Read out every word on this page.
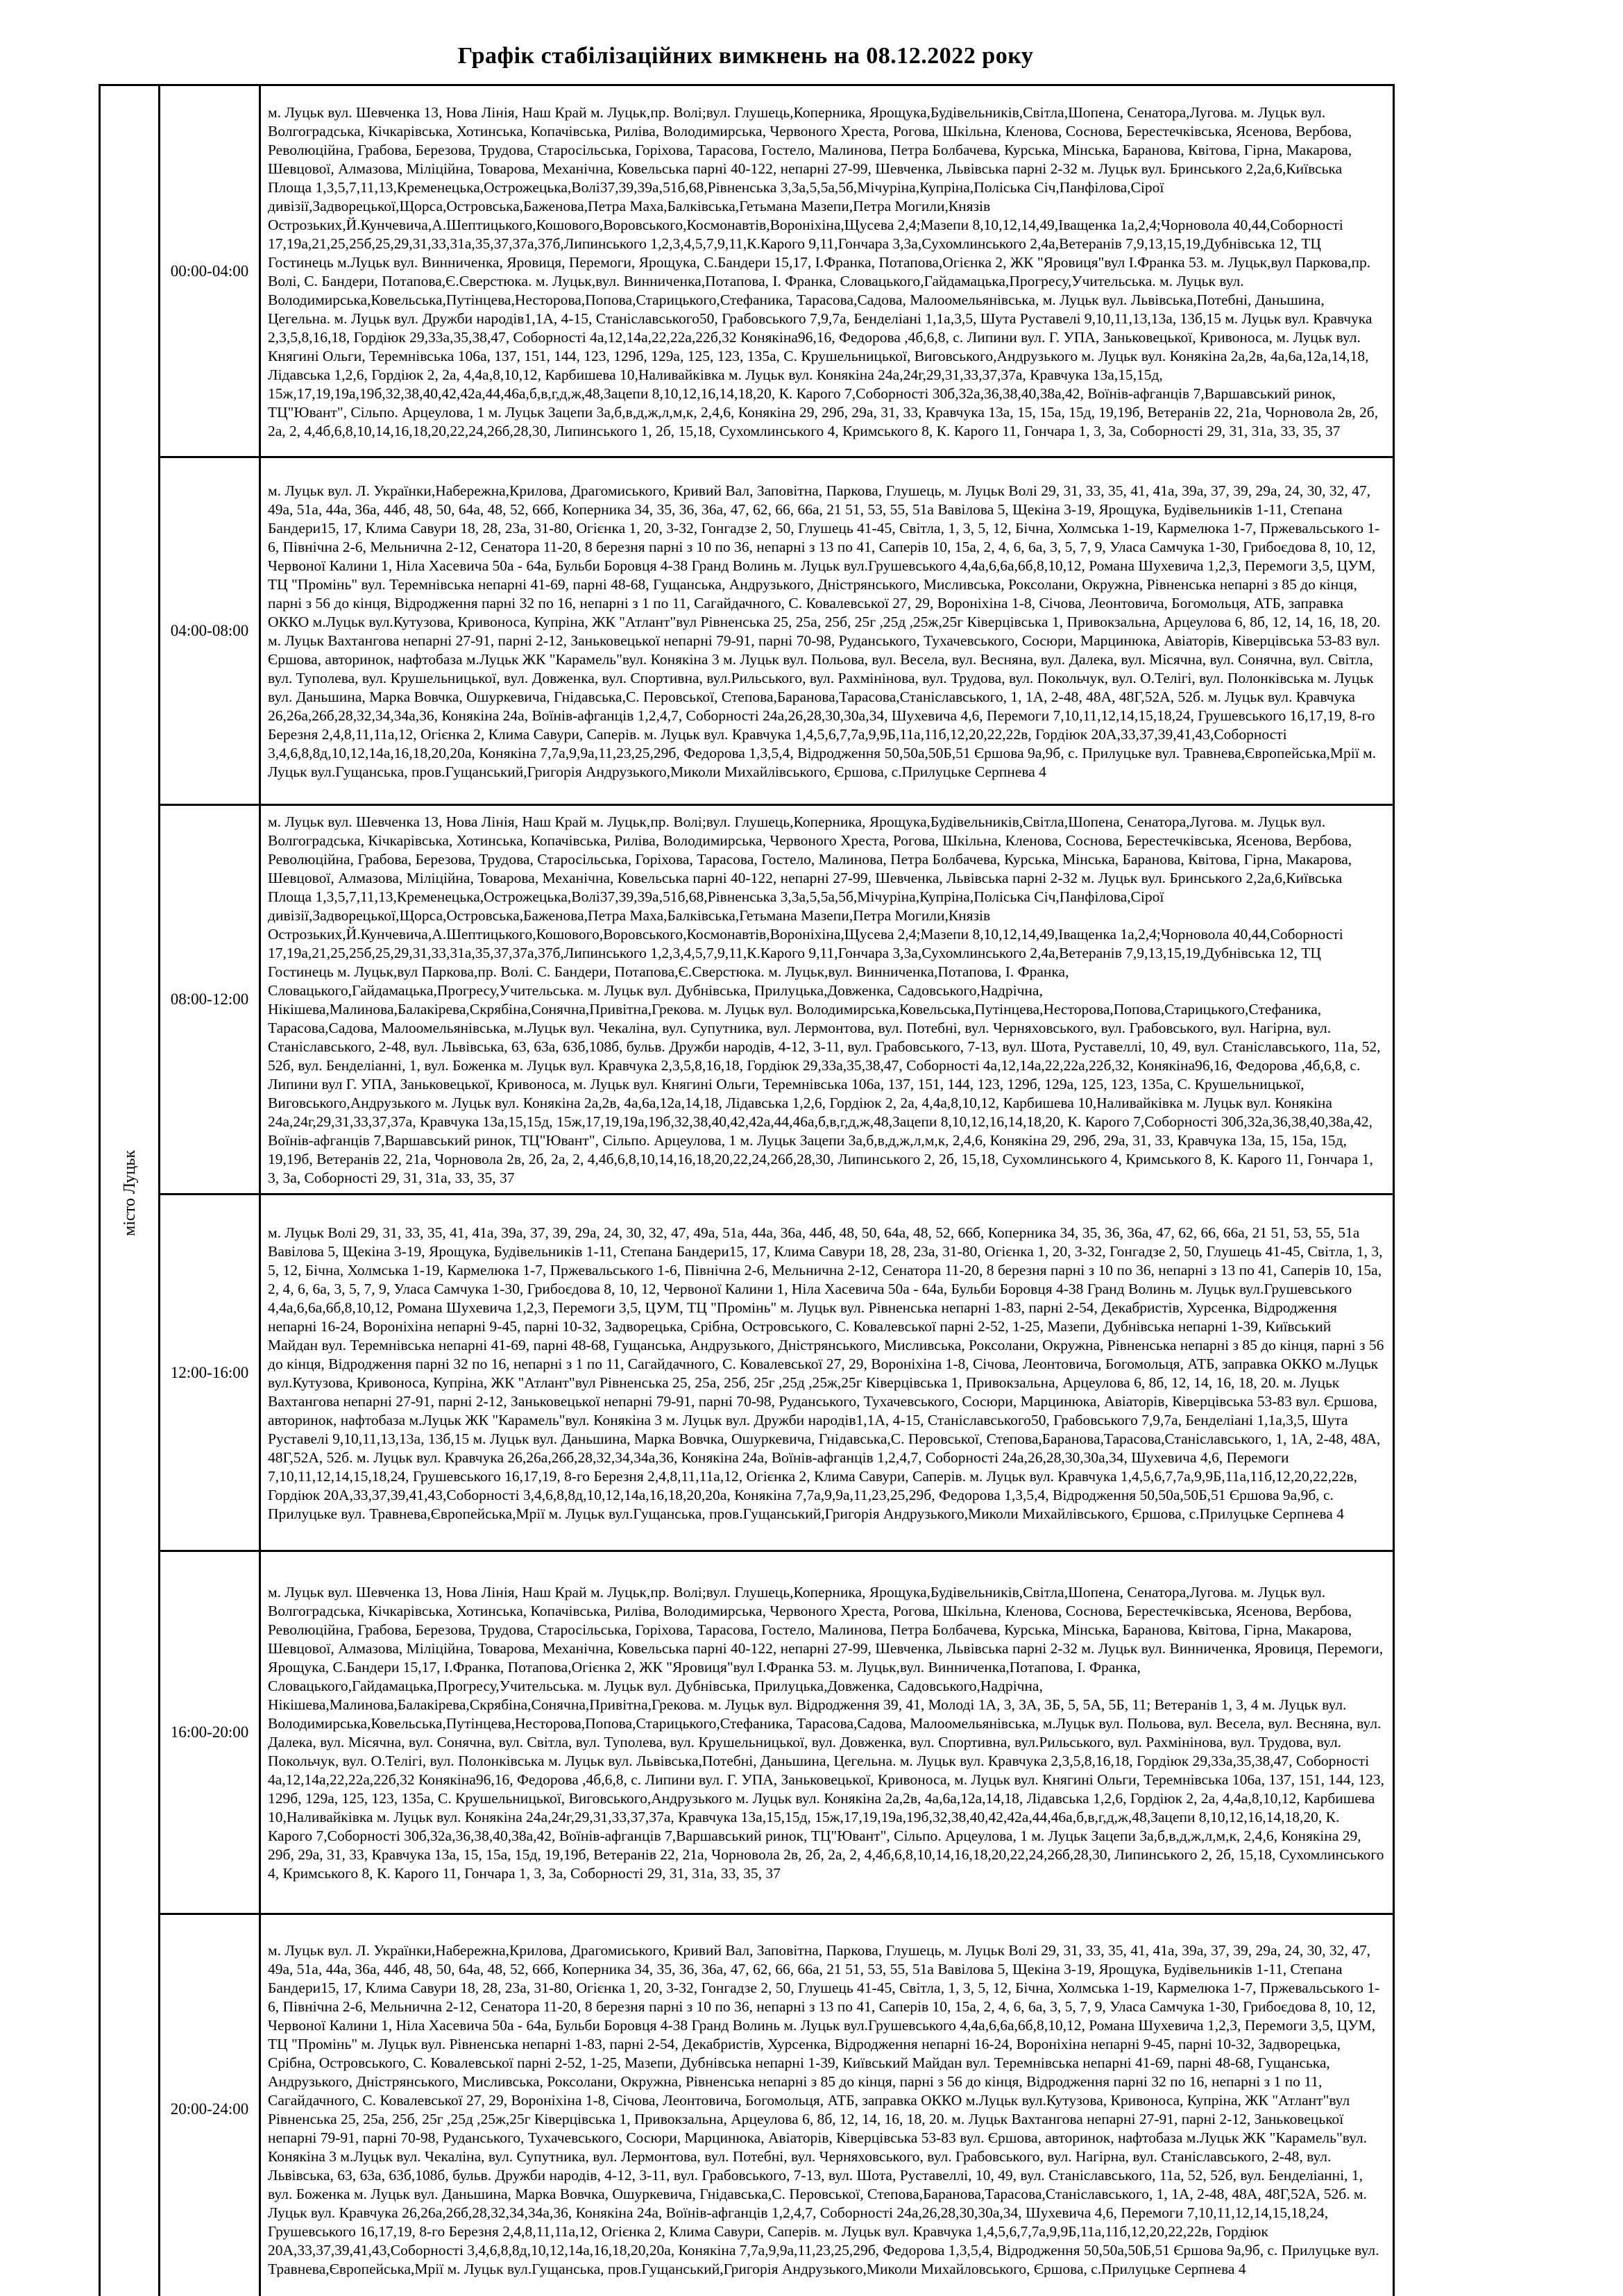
Графік стабілізаційних вимкнень на 08.12.2022 року
місто Луцьк	00:00-04:00	м. Луцьк вул. Шевченка 13, Нова Лінія, Наш Край м. Луцьк,пр. Волі;вул. Глушець,Коперника, Ярощука,Будівельників,Світла,Шопена, Сенатора,Лугова. м. Луцьк вул. Волгоградська, Кічкарівська, Хотинська, Копачівська, Риліва, Володимирська, Червоного Хреста, Рогова, Шкільна, Кленова, Соснова, Берестечківська, Ясенова, Вербова, Революційна, Грабова, Березова, Трудова, Старосільська, Горіхова, Тарасова, Гостело, Малинова, Петра Болбачева, Курська, Мінська, Баранова, Квітова, Гірна, Макарова, Шевцової, Алмазова, Міліційна, Товарова, Механічна, Ковельська парні 40-122, непарні 27-99, Шевченка, Львівська парні 2-32 м. Луцьк вул. Бринського 2,2а,6,Київська Площа 1,3,5,7,11,13,Кременецька,Острожецька,Волі37,39,39а,51б,68,Рівненська 3,3а,5,5а,5б,Мічуріна,Купріна,Поліська Січ,Панфілова,Сірої дивізії,Задворецької,Щорса,Островська,Баженова,Петра Маха,Балківська,Гетьмана Мазепи,Петра Могили,Князів Острозьких,Й.Кунчевича,А.Шептицького,Кошового,Воровського,Космонавтів,Вороніхіна,Щусева 2,4;Мазепи 8,10,12,14,49,Іващенка 1а,2,4;Чорновола 40,44,Соборності 17,19а,21,25,25б,25,29,31,33,31а,35,37,37а,37б,Липинського 1,2,3,4,5,7,9,11,К.Карого 9,11,Гончара 3,3а,Сухомлинського 2,4а,Ветеранів 7,9,13,15,19,Дубнівська 12, ТЦ Гостинець м.Луцьк вул. Винниченка, Яровиця, Перемоги, Ярощука, С.Бандери 15,17, І.Франка, Потапова,Огієнка 2, ЖК "Яровиця"вул І.Франка 53. м. Луцьк,вул Паркова,пр. Волі, С. Бандери, Потапова,Є.Сверстюка. м. Луцьк,вул. Винниченка,Потапова, І. Франка, Словацького,Гайдамацька,Прогресу,Учительська. м. Луцьк вул. Володимирська,Ковельська,Путінцева,Несторова,Попова,Старицького,Стефаника, Тарасова,Садова, Малоомельянівська, м. Луцьк вул. Львівська,Потебні, Даньшина, Цегельна. м. Луцьк вул. Дружби народів1,1А, 4-15, Станіславського50, Грабовського 7,9,7а, Бенделіані 1,1а,3,5, Шута Руставелі 9,10,11,13,13а, 13б,15 м. Луцьк вул. Кравчука 2,3,5,8,16,18, Гордіюк 29,33а,35,38,47, Соборності 4а,12,14а,22,22а,22б,32 Конякіна96,16, Федорова ,4б,6,8, с. Липини вул. Г. УПА, Заньковецької, Кривоноса, м. Луцьк вул. Княгині Ольги, Теремнівська 106а, 137, 151, 144, 123, 129б, 129а, 125, 123, 135а, С. Крушельницької, Виговського,Андрузького м. Луцьк вул. Конякіна 2а,2в, 4а,6а,12а,14,18, Лідавська 1,2,6, Гордіюк 2, 2а, 4,4а,8,10,12, Карбишева 10,Наливайківка м. Луцьк вул. Конякіна 24а,24г,29,31,33,37,37а, Кравчука 13а,15,15д, 15ж,17,19,19а,19б,32,38,40,42,42а,44,46а,б,в,г,д,ж,48,Зацепи 8,10,12,16,14,18,20, К. Карого 7,Соборності 30б,32а,36,38,40,38а,42, Воїнів-афганців 7,Варшавський ринок, ТЦ"Ювант", Сільпо. Арцеулова, 1 м. Луцьк Зацепи 3а,б,в,д,ж,л,м,к, 2,4,6, Конякіна 29, 29б, 29а, 31, 33, Кравчука 13а, 15, 15а, 15д, 19,19б, Ветеранів 22, 21а, Чорновола 2в, 2б, 2а, 2, 4,4б,6,8,10,14,16,18,20,22,24,26б,28,30, Липинського 1, 2б, 15,18, Сухомлинського 4, Кримського 8, К. Карого 11, Гончара 1, 3, 3а, Соборності 29, 31, 31а, 33, 35, 37
	04:00-08:00	м. Луцьк вул. Л. Українки,Набережна,Крилова, Драгомиського, Кривий Вал, Заповітна, Паркова, Глушець, м. Луцьк Волі 29, 31, 33, 35, 41, 41а, 39а, 37, 39, 29а, 24, 30, 32, 47, 49а, 51а, 44а, 36а, 44б, 48, 50, 64а, 48, 52, 66б, Коперника 34, 35, 36, 36а, 47, 62, 66, 66а, 21 51, 53, 55, 51а Вавілова 5, Щекіна 3-19, Ярощука, Будівельників 1-11, Степана Бандери15, 17, Клима Савури 18, 28, 23а, 31-80, Огієнка 1, 20, 3-32, Гонгадзе 2, 50, Глушець 41-45, Світла, 1, 3, 5, 12, Бічна, Холмська 1-19, Кармелюка 1-7, Пржевальського 1-6, Північна 2-6, Мельнична 2-12, Сенатора 11-20, 8 березня парні з 10 по 36, непарні з 13 по 41, Саперів 10, 15а, 2, 4, 6, 6а, 3, 5, 7, 9, Уласа Самчука 1-30, Грибоєдова 8, 10, 12, Червоної Калини 1, Ніла Хасевича 50а - 64а, Бульби Боровця 4-38 Гранд Волинь м. Луцьк вул.Грушевського 4,4а,6,6а,6б,8,10,12, Романа Шухевича 1,2,3, Перемоги 3,5, ЦУМ, ТЦ "Промінь" вул. Теремнівська непарні 41-69, парні 48-68, Гущанська, Андрузького, Дністрянського, Мисливська, Роксолани, Окружна, Рівненська непарні з 85 до кінця, парні з 56 до кінця, Відродження парні 32 по 16, непарні з 1 по 11, Сагайдачного, С. Ковалевської 27, 29, Вороніхіна 1-8, Січова, Леонтовича, Богомольця, АТБ, заправка ОККО м.Луцьк вул.Кутузова, Кривоноса, Купріна, ЖК "Атлант"вул Рівненська 25, 25а, 25б, 25г ,25д ,25ж,25г Ківерцівська 1, Привокзальна, Арцеулова 6, 8б, 12, 14, 16, 18, 20. м. Луцьк Вахтангова непарні 27-91, парні 2-12, Заньковецької непарні 79-91, парні 70-98, Руданського, Тухачевського, Сосюри, Марцинюка, Авіаторів, Ківерцівська 53-83 вул. Єршова, авторинок, нафтобаза м.Луцьк ЖК "Карамель"вул. Конякіна 3 м. Луцьк вул. Польова, вул. Весела, вул. Весняна, вул. Далека, вул. Місячна, вул. Сонячна, вул. Світла, вул. Туполева, вул. Крушельницької, вул. Довженка, вул. Спортивна, вул.Рильського, вул. Рахмінінова, вул. Трудова, вул. Покольчук, вул. О.Телігі, вул. Полонківська м. Луцьк вул. Даньшина, Марка Вовчка, Ошуркевича, Гнідавська,С. Перовської, Степова,Баранова,Тарасова,Станіславського, 1, 1А, 2-48, 48А, 48Г,52А, 52б. м. Луцьк вул. Кравчука 26,26а,26б,28,32,34,34а,36, Конякіна 24а, Воїнів-афганців 1,2,4,7, Соборності 24а,26,28,30,30а,34, Шухевича 4,6, Перемоги 7,10,11,12,14,15,18,24, Грушевського 16,17,19, 8-го Березня 2,4,8,11,11а,12, Огієнка 2, Клима Савури, Саперів. м. Луцьк вул. Кравчука 1,4,5,6,7,7а,9,9Б,11а,11б,12,20,22,22в, Гордіюк 20А,33,37,39,41,43,Соборності 3,4,6,8,8д,10,12,14а,16,18,20,20а, Конякіна 7,7а,9,9а,11,23,25,29б, Федорова 1,3,5,4, Відродження 50,50а,50Б,51 Єршова 9а,9б, с. Прилуцьке вул. Травнева,Європейська,Мрії м. Луцьк вул.Гущанська, пров.Гущанський,Григорія Андрузького,Миколи Михайлівського, Єршова, с.Прилуцьке Серпнева 4
	08:00-12:00	м. Луцьк вул. Шевченка 13, Нова Лінія, Наш Край м. Луцьк,пр. Волі;вул. Глушець,Коперника, Ярощука,Будівельників,Світла,Шопена, Сенатора,Лугова. м. Луцьк вул. Волгоградська, Кічкарівська, Хотинська, Копачівська, Риліва, Володимирська, Червоного Хреста, Рогова, Шкільна, Кленова, Соснова, Берестечківська, Ясенова, Вербова, Революційна, Грабова, Березова, Трудова, Старосільська, Горіхова, Тарасова, Гостело, Малинова, Петра Болбачева, Курська, Мінська, Баранова, Квітова, Гірна, Макарова, Шевцової, Алмазова, Міліційна, Товарова, Механічна, Ковельська парні 40-122, непарні 27-99, Шевченка, Львівська парні 2-32 м. Луцьк вул. Бринського 2,2а,6,Київська Площа 1,3,5,7,11,13,Кременецька,Острожецька,Волі37,39,39а,51б,68,Рівненська 3,3а,5,5а,5б,Мічуріна,Купріна,Поліська Січ,Панфілова,Сірої дивізії,Задворецької,Щорса,Островська,Баженова,Петра Маха,Балківська,Гетьмана Мазепи,Петра Могили,Князів Острозьких,Й.Кунчевича,А.Шептицького,Кошового,Воровського,Космонавтів,Вороніхіна,Щусева 2,4;Мазепи 8,10,12,14,49,Іващенка 1а,2,4;Чорновола 40,44,Соборності 17,19а,21,25,25б,25,29,31,33,31а,35,37,37а,37б,Липинського 1,2,3,4,5,7,9,11,К.Карого 9,11,Гончара 3,3а,Сухомлинського 2,4а,Ветеранів 7,9,13,15,19,Дубнівська 12, ТЦ Гостинець м. Луцьк,вул Паркова,пр. Волі. С. Бандери, Потапова,Є.Сверстюка. м. Луцьк,вул. Винниченка,Потапова, І. Франка, Словацького,Гайдамацька,Прогресу,Учительська. м. Луцьк вул. Дубнівська, Прилуцька,Довженка, Садовського,Надрічна, Нікішева,Малинова,Балакірева,Скрябіна,Сонячна,Привітна,Грекова. м. Луцьк вул. Володимирська,Ковельська,Путінцева,Несторова,Попова,Старицького,Стефаника, Тарасова,Садова, Малоомельянівська, м.Луцьк вул. Чекаліна, вул. Супутника, вул. Лермонтова, вул. Потебні, вул. Черняховського, вул. Грабовського, вул. Нагірна, вул. Станіславського, 2-48, вул. Львівська, 63, 63а, 63б,108б, бульв. Дружби народів, 4-12, 3-11, вул. Грабовського, 7-13, вул. Шота, Руставеллі, 10, 49, вул. Станіславського, 11а, 52, 52б, вул. Бенделіанні, 1, вул. Боженка м. Луцьк вул. Кравчука 2,3,5,8,16,18, Гордіюк 29,33а,35,38,47, Соборності 4а,12,14а,22,22а,22б,32, Конякіна96,16, Федорова ,4б,6,8, с. Липини вул Г. УПА, Заньковецької, Кривоноса, м. Луцьк вул. Княгині Ольги, Теремнівська 106а, 137, 151, 144, 123, 129б, 129а, 125, 123, 135а, С. Крушельницької, Виговського,Андрузького м. Луцьк вул. Конякіна 2а,2в, 4а,6а,12а,14,18, Лідавська 1,2,6, Гордіюк 2, 2а, 4,4а,8,10,12, Карбишева 10,Наливайківка м. Луцьк вул. Конякіна 24а,24г,29,31,33,37,37а, Кравчука 13а,15,15д, 15ж,17,19,19а,19б,32,38,40,42,42а,44,46а,б,в,г,д,ж,48,Зацепи 8,10,12,16,14,18,20, К. Карого 7,Соборності 30б,32а,36,38,40,38а,42, Воїнів-афганців 7,Варшавський ринок, ТЦ"Ювант", Сільпо. Арцеулова, 1 м. Луцьк Зацепи 3а,б,в,д,ж,л,м,к, 2,4,6, Конякіна 29, 29б, 29а, 31, 33, Кравчука 13а, 15, 15а, 15д, 19,19б, Ветеранів 22, 21а, Чорновола 2в, 2б, 2а, 2, 4,4б,6,8,10,14,16,18,20,22,24,26б,28,30, Липинського 2, 2б, 15,18, Сухомлинського 4, Кримського 8, К. Карого 11, Гончара 1, 3, 3а, Соборності 29, 31, 31а, 33, 35, 37
	12:00-16:00	м. Луцьк Волі 29, 31, 33, 35, 41, 41а, 39а, 37, 39, 29а, 24, 30, 32, 47, 49а, 51а, 44а, 36а, 44б, 48, 50, 64а, 48, 52, 66б, Коперника 34, 35, 36, 36а, 47, 62, 66, 66а, 21 51, 53, 55, 51а Вавілова 5, Щекіна 3-19, Ярощука, Будівельників 1-11, Степана Бандери15, 17, Клима Савури 18, 28, 23а, 31-80, Огієнка 1, 20, 3-32, Гонгадзе 2, 50, Глушець 41-45, Світла, 1, 3, 5, 12, Бічна, Холмська 1-19, Кармелюка 1-7, Пржевальського 1-6, Північна 2-6, Мельнична 2-12, Сенатора 11-20, 8 березня парні з 10 по 36, непарні з 13 по 41, Саперів 10, 15а, 2, 4, 6, 6а, 3, 5, 7, 9, Уласа Самчука 1-30, Грибоєдова 8, 10, 12, Червоної Калини 1, Ніла Хасевича 50а - 64а, Бульби Боровця 4-38 Гранд Волинь м. Луцьк вул.Грушевського 4,4а,6,6а,6б,8,10,12, Романа Шухевича 1,2,3, Перемоги 3,5, ЦУМ, ТЦ "Промінь" м. Луцьк вул. Рівненська непарні 1-83, парні 2-54, Декабристів, Хурсенка, Відродження непарні 16-24, Вороніхіна непарні 9-45, парні 10-32, Задворецька, Срібна, Островського, С. Ковалевської парні 2-52, 1-25, Мазепи, Дубнівська непарні 1-39, Київський Майдан вул. Теремнівська непарні 41-69, парні 48-68, Гущанська, Андрузького, Дністрянського, Мисливська, Роксолани, Окружна, Рівненська непарні з 85 до кінця, парні з 56 до кінця, Відродження парні 32 по 16, непарні з 1 по 11, Сагайдачного, С. Ковалевської 27, 29, Вороніхіна 1-8, Січова, Леонтовича, Богомольця, АТБ, заправка ОККО м.Луцьк вул.Кутузова, Кривоноса, Купріна, ЖК "Атлант"вул Рівненська 25, 25а, 25б, 25г ,25д ,25ж,25г Ківерцівська 1, Привокзальна, Арцеулова 6, 8б, 12, 14, 16, 18, 20. м. Луцьк Вахтангова непарні 27-91, парні 2-12, Заньковецької непарні 79-91, парні 70-98, Руданського, Тухачевського, Сосюри, Марцинюка, Авіаторів, Ківерцівська 53-83 вул. Єршова, авторинок, нафтобаза м.Луцьк ЖК "Карамель"вул. Конякіна 3 м. Луцьк вул. Дружби народів1,1А, 4-15, Станіславського50, Грабовського 7,9,7а, Бенделіані 1,1а,3,5, Шута Руставелі 9,10,11,13,13а, 13б,15 м. Луцьк вул. Даньшина, Марка Вовчка, Ошуркевича, Гнідавська,С. Перовської, Степова,Баранова,Тарасова,Станіславського, 1, 1А, 2-48, 48А, 48Г,52А, 52б. м. Луцьк вул. Кравчука 26,26а,26б,28,32,34,34а,36, Конякіна 24а, Воїнів-афганців 1,2,4,7, Соборності 24а,26,28,30,30а,34, Шухевича 4,6, Перемоги 7,10,11,12,14,15,18,24, Грушевського 16,17,19, 8-го Березня 2,4,8,11,11а,12, Огієнка 2, Клима Савури, Саперів. м. Луцьк вул. Кравчука 1,4,5,6,7,7а,9,9Б,11а,11б,12,20,22,22в, Гордіюк 20А,33,37,39,41,43,Соборності 3,4,6,8,8д,10,12,14а,16,18,20,20а, Конякіна 7,7а,9,9а,11,23,25,29б, Федорова 1,3,5,4, Відродження 50,50а,50Б,51 Єршова 9а,9б, с. Прилуцьке вул. Травнева,Європейська,Мрії м. Луцьк вул.Гущанська, пров.Гущанський,Григорія Андрузького,Миколи Михайлівського, Єршова, с.Прилуцьке Серпнева 4
	16:00-20:00	м. Луцьк вул. Шевченка 13, Нова Лінія, Наш Край м. Луцьк,пр. Волі;вул. Глушець,Коперника, Ярощука,Будівельників,Світла,Шопена, Сенатора,Лугова. м. Луцьк вул. Волгоградська, Кічкарівська, Хотинська, Копачівська, Риліва, Володимирська, Червоного Хреста, Рогова, Шкільна, Кленова, Соснова, Берестечківська, Ясенова, Вербова, Революційна, Грабова, Березова, Трудова, Старосільська, Горіхова, Тарасова, Гостело, Малинова, Петра Болбачева, Курська, Мінська, Баранова, Квітова, Гірна, Макарова, Шевцової, Алмазова, Міліційна, Товарова, Механічна, Ковельська парні 40-122, непарні 27-99, Шевченка, Львівська парні 2-32 м. Луцьк вул. Винниченка, Яровиця, Перемоги, Ярощука, С.Бандери 15,17, І.Франка, Потапова,Огієнка 2, ЖК "Яровиця"вул І.Франка 53. м. Луцьк,вул. Винниченка,Потапова, І. Франка, Словацького,Гайдамацька,Прогресу,Учительська. м. Луцьк вул. Дубнівська, Прилуцька,Довженка, Садовського,Надрічна, Нікішева,Малинова,Балакірева,Скрябіна,Сонячна,Привітна,Грекова. м. Луцьк вул. Відродження 39, 41, Молоді 1А, 3, 3А, 3Б, 5, 5А, 5Б, 11; Ветеранів 1, 3, 4 м. Луцьк вул. Володимирська,Ковельська,Путінцева,Несторова,Попова,Старицького,Стефаника, Тарасова,Садова, Малоомельянівська, м.Луцьк вул. Польова, вул. Весела, вул. Весняна, вул. Далека, вул. Місячна, вул. Сонячна, вул. Світла, вул. Туполева, вул. Крушельницької, вул. Довженка, вул. Спортивна, вул.Рильського, вул. Рахмінінова, вул. Трудова, вул. Покольчук, вул. О.Телігі, вул. Полонківська м. Луцьк вул. Львівська,Потебні, Даньшина, Цегельна. м. Луцьк вул. Кравчука 2,3,5,8,16,18, Гордіюк 29,33а,35,38,47, Соборності 4а,12,14а,22,22а,22б,32 Конякіна96,16, Федорова ,4б,6,8, с. Липини вул. Г. УПА, Заньковецької, Кривоноса, м. Луцьк вул. Княгині Ольги, Теремнівська 106а, 137, 151, 144, 123, 129б, 129а, 125, 123, 135а, С. Крушельницької, Виговського,Андрузького м. Луцьк вул. Конякіна 2а,2в, 4а,6а,12а,14,18, Лідавська 1,2,6, Гордіюк 2, 2а, 4,4а,8,10,12, Карбишева 10,Наливайківка м. Луцьк вул. Конякіна 24а,24г,29,31,33,37,37а, Кравчука 13а,15,15д, 15ж,17,19,19а,19б,32,38,40,42,42а,44,46а,б,в,г,д,ж,48,Зацепи 8,10,12,16,14,18,20, К. Карого 7,Соборності 30б,32а,36,38,40,38а,42, Воїнів-афганців 7,Варшавський ринок, ТЦ"Ювант", Сільпо. Арцеулова, 1 м. Луцьк Зацепи 3а,б,в,д,ж,л,м,к, 2,4,6, Конякіна 29, 29б, 29а, 31, 33, Кравчука 13а, 15, 15а, 15д, 19,19б, Ветеранів 22, 21а, Чорновола 2в, 2б, 2а, 2, 4,4б,6,8,10,14,16,18,20,22,24,26б,28,30, Липинського 2, 2б, 15,18, Сухомлинського 4, Кримського 8, К. Карого 11, Гончара 1, 3, 3а, Соборності 29, 31, 31а, 33, 35, 37
	20:00-24:00	м. Луцьк вул. Л. Українки,Набережна,Крилова, Драгомиського, Кривий Вал, Заповітна, Паркова, Глушець, м. Луцьк Волі 29, 31, 33, 35, 41, 41а, 39а, 37, 39, 29а, 24, 30, 32, 47, 49а, 51а, 44а, 36а, 44б, 48, 50, 64а, 48, 52, 66б, Коперника 34, 35, 36, 36а, 47, 62, 66, 66а, 21 51, 53, 55, 51а Вавілова 5, Щекіна 3-19, Ярощука, Будівельників 1-11, Степана Бандери15, 17, Клима Савури 18, 28, 23а, 31-80, Огієнка 1, 20, 3-32, Гонгадзе 2, 50, Глушець 41-45, Світла, 1, 3, 5, 12, Бічна, Холмська 1-19, Кармелюка 1-7, Пржевальського 1-6, Північна 2-6, Мельнична 2-12, Сенатора 11-20, 8 березня парні з 10 по 36, непарні з 13 по 41, Саперів 10, 15а, 2, 4, 6, 6а, 3, 5, 7, 9, Уласа Самчука 1-30, Грибоєдова 8, 10, 12, Червоної Калини 1, Ніла Хасевича 50а - 64а, Бульби Боровця 4-38 Гранд Волинь м. Луцьк вул.Грушевського 4,4а,6,6а,6б,8,10,12, Романа Шухевича 1,2,3, Перемоги 3,5, ЦУМ, ТЦ "Промінь" м. Луцьк вул. Рівненська непарні 1-83, парні 2-54, Декабристів, Хурсенка, Відродження непарні 16-24, Вороніхіна непарні 9-45, парні 10-32, Задворецька, Срібна, Островського, С. Ковалевської парні 2-52, 1-25, Мазепи, Дубнівська непарні 1-39, Київський Майдан вул. Теремнівська непарні 41-69, парні 48-68, Гущанська, Андрузького, Дністрянського, Мисливська, Роксолани, Окружна, Рівненська непарні з 85 до кінця, парні з 56 до кінця, Відродження парні 32 по 16, непарні з 1 по 11, Сагайдачного, С. Ковалевської 27, 29, Вороніхіна 1-8, Січова, Леонтовича, Богомольця, АТБ, заправка ОККО м.Луцьк вул.Кутузова, Кривоноса, Купріна, ЖК "Атлант"вул Рівненська 25, 25а, 25б, 25г ,25д ,25ж,25г Ківерцівська 1, Привокзальна, Арцеулова 6, 8б, 12, 14, 16, 18, 20. м. Луцьк Вахтангова непарні 27-91, парні 2-12, Заньковецької непарні 79-91, парні 70-98, Руданського, Тухачевського, Сосюри, Марцинюка, Авіаторів, Ківерцівська 53-83 вул. Єршова, авторинок, нафтобаза м.Луцьк ЖК "Карамель"вул. Конякіна 3 м.Луцьк вул. Чекаліна, вул. Супутника, вул. Лермонтова, вул. Потебні, вул. Черняховського, вул. Грабовського, вул. Нагірна, вул. Станіславського, 2-48, вул. Львівська, 63, 63а, 63б,108б, бульв. Дружби народів, 4-12, 3-11, вул. Грабовського, 7-13, вул. Шота, Руставеллі, 10, 49, вул. Станіславського, 11а, 52, 52б, вул. Бенделіанні, 1, вул. Боженка м. Луцьк вул. Даньшина, Марка Вовчка, Ошуркевича, Гнідавська,С. Перовської, Степова,Баранова,Тарасова,Станіславського, 1, 1А, 2-48, 48А, 48Г,52А, 52б. м. Луцьк вул. Кравчука 26,26а,26б,28,32,34,34а,36, Конякіна 24а, Воїнів-афганців 1,2,4,7, Соборності 24а,26,28,30,30а,34, Шухевича 4,6, Перемоги 7,10,11,12,14,15,18,24, Грушевського 16,17,19, 8-го Березня 2,4,8,11,11а,12, Огієнка 2, Клима Савури, Саперів. м. Луцьк вул. Кравчука 1,4,5,6,7,7а,9,9Б,11а,11б,12,20,22,22в, Гордіюк 20А,33,37,39,41,43,Соборності 3,4,6,8,8д,10,12,14а,16,18,20,20а, Конякіна 7,7а,9,9а,11,23,25,29б, Федорова 1,3,5,4, Відродження 50,50а,50Б,51 Єршова 9а,9б, с. Прилуцьке вул. Травнева,Європейська,Мрії м. Луцьк вул.Гущанська, пров.Гущанський,Григорія Андрузького,Миколи Михайловського, Єршова, с.Прилуцьке Серпнева 4
